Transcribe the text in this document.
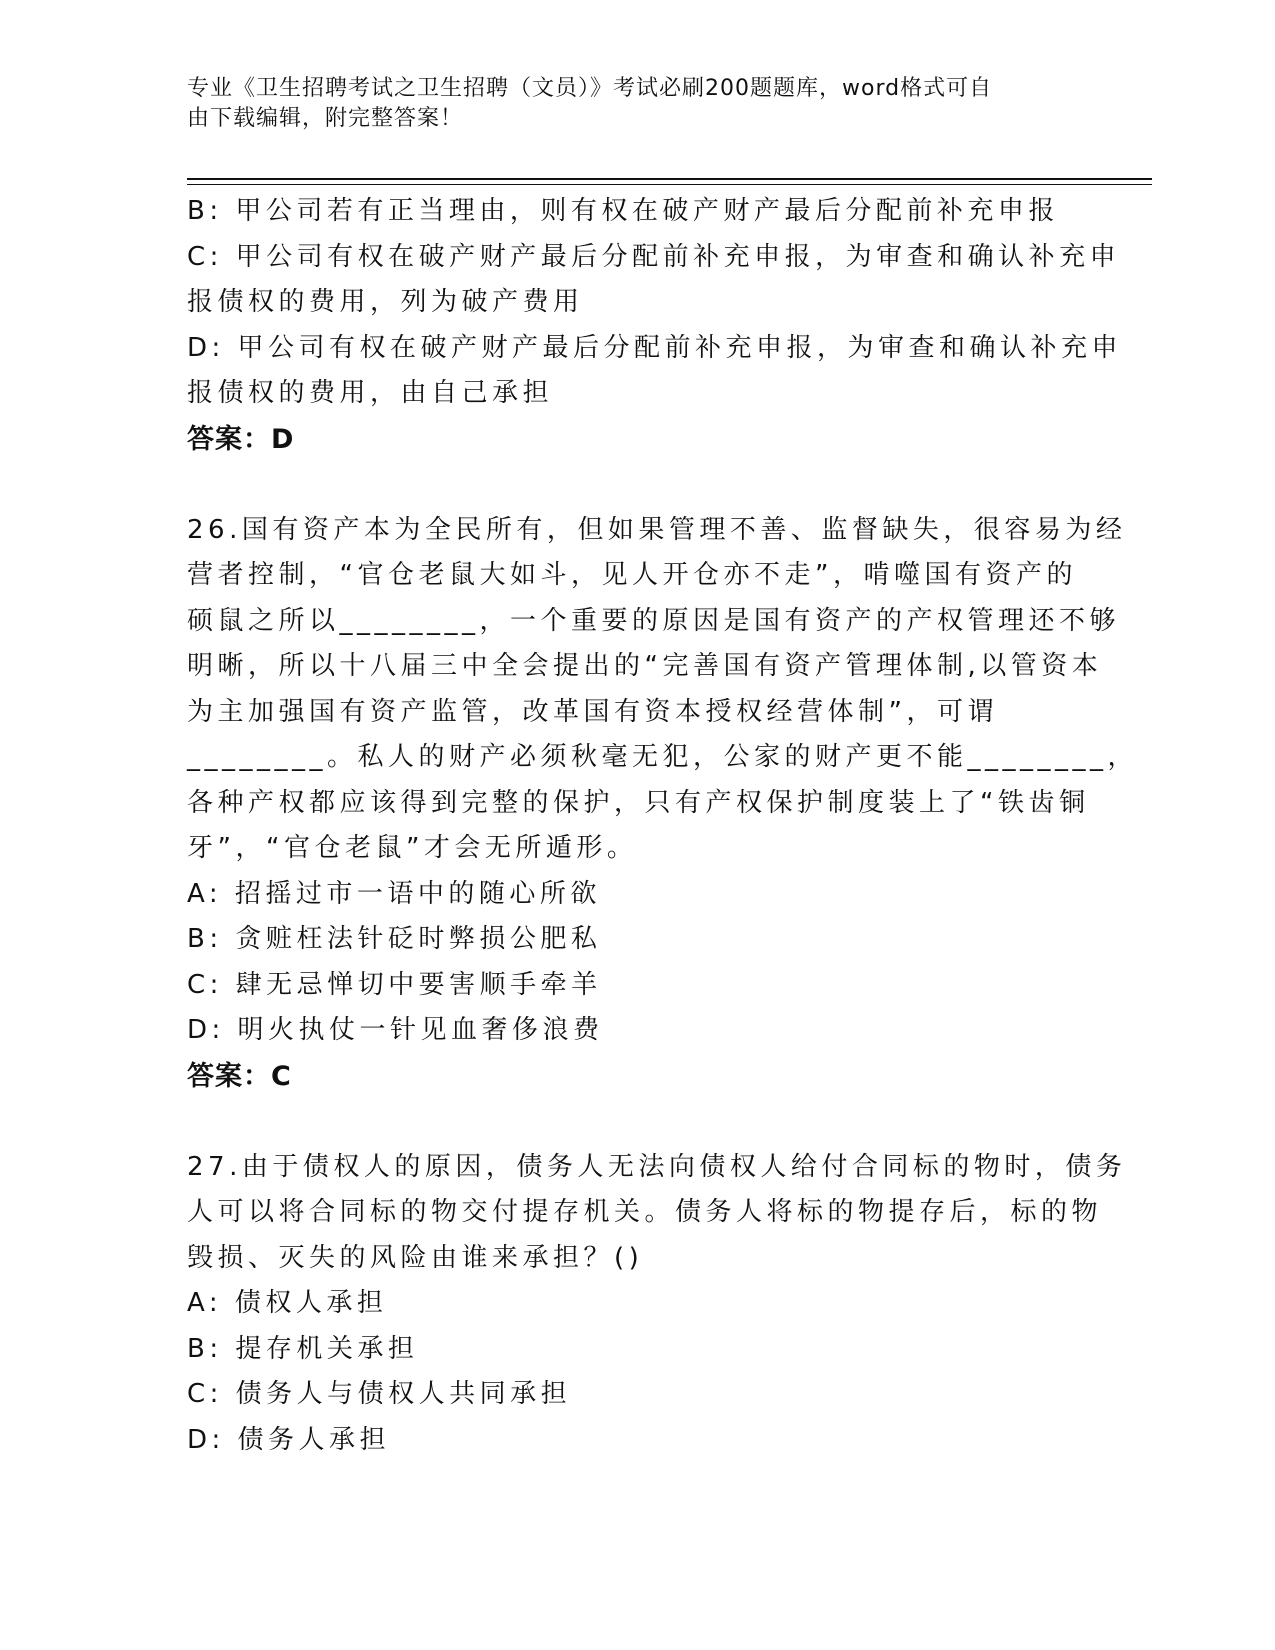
专业《卫生招聘考试之卫生招聘（文员）》考试必刷200题题库，word格式可自
由下载编辑，附完整答案！
B: 甲公司若有正当理由，则有权在破产财产最后分配前补充申报
C: 甲公司有权在破产财产最后分配前补充申报，为审查和确认补充申
报债权的费用，列为破产费用
D: 甲公司有权在破产财产最后分配前补充申报，为审查和确认补充申
报债权的费用，由自己承担
答案：D
26.国有资产本为全民所有，但如果管理不善、监督缺失，很容易为经
营者控制，“官仓老鼠大如斗，见人开仓亦不走”，啃噬国有资产的
硕鼠之所以________，一个重要的原因是国有资产的产权管理还不够
明晰，所以十八届三中全会提出的“完善国有资产管理体制,以管资本
为主加强国有资产监管，改革国有资本授权经营体制”，可谓
________。私人的财产必须秋毫无犯，公家的财产更不能________，
各种产权都应该得到完整的保护，只有产权保护制度装上了“铁齿铜
牙”，“官仓老鼠”才会无所遁形。
A: 招摇过市一语中的随心所欲
B: 贪赃枉法针砭时弊损公肥私
C: 肆无忌惮切中要害顺手牵羊
D: 明火执仗一针见血奢侈浪费
答案：C
27.由于债权人的原因，债务人无法向债权人给付合同标的物时，债务
人可以将合同标的物交付提存机关。债务人将标的物提存后，标的物
毁损、灭失的风险由谁来承担？()
A: 债权人承担
B: 提存机关承担
C: 债务人与债权人共同承担
D: 债务人承担
